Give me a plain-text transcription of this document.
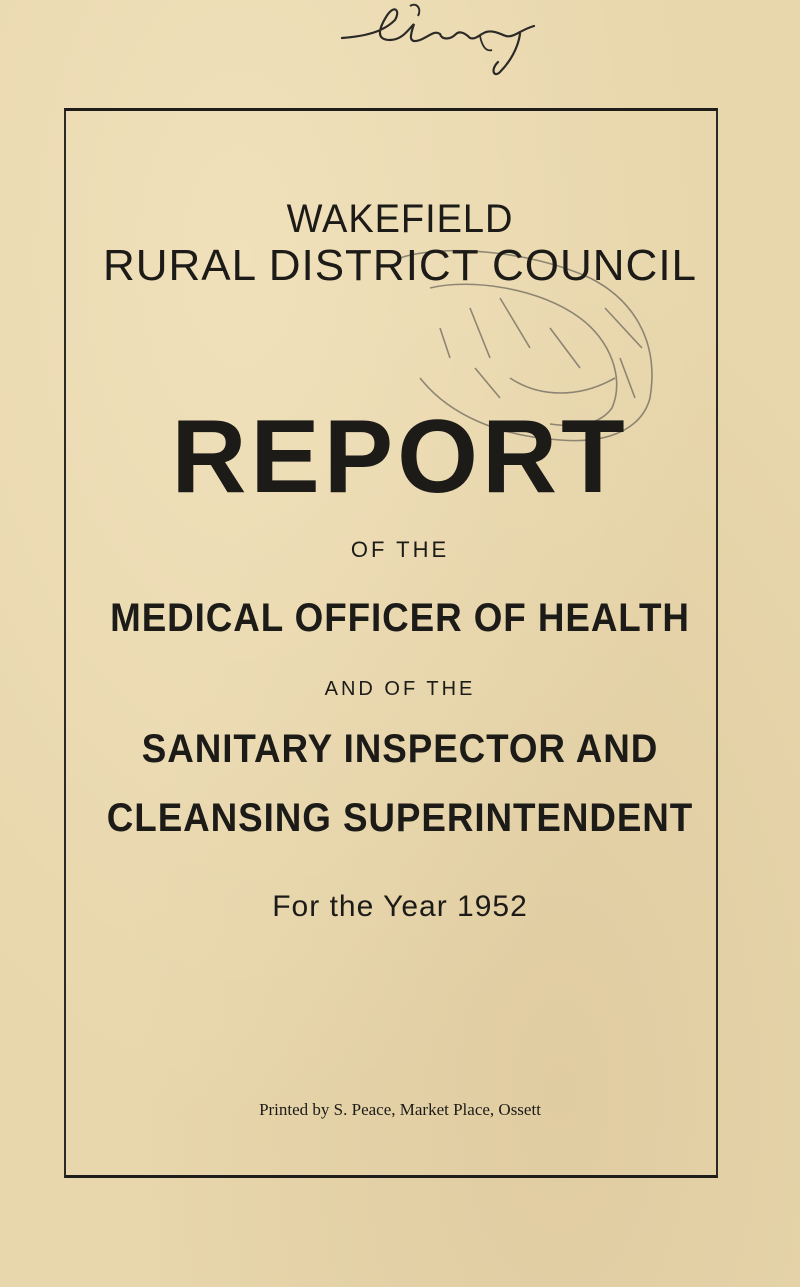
WAKEFIELD
RURAL DISTRICT COUNCIL
REPORT
OF THE
MEDICAL OFFICER OF HEALTH
AND OF THE
SANITARY INSPECTOR AND
CLEANSING SUPERINTENDENT
For the Year 1952
Printed by S. Peace, Market Place, Ossett
